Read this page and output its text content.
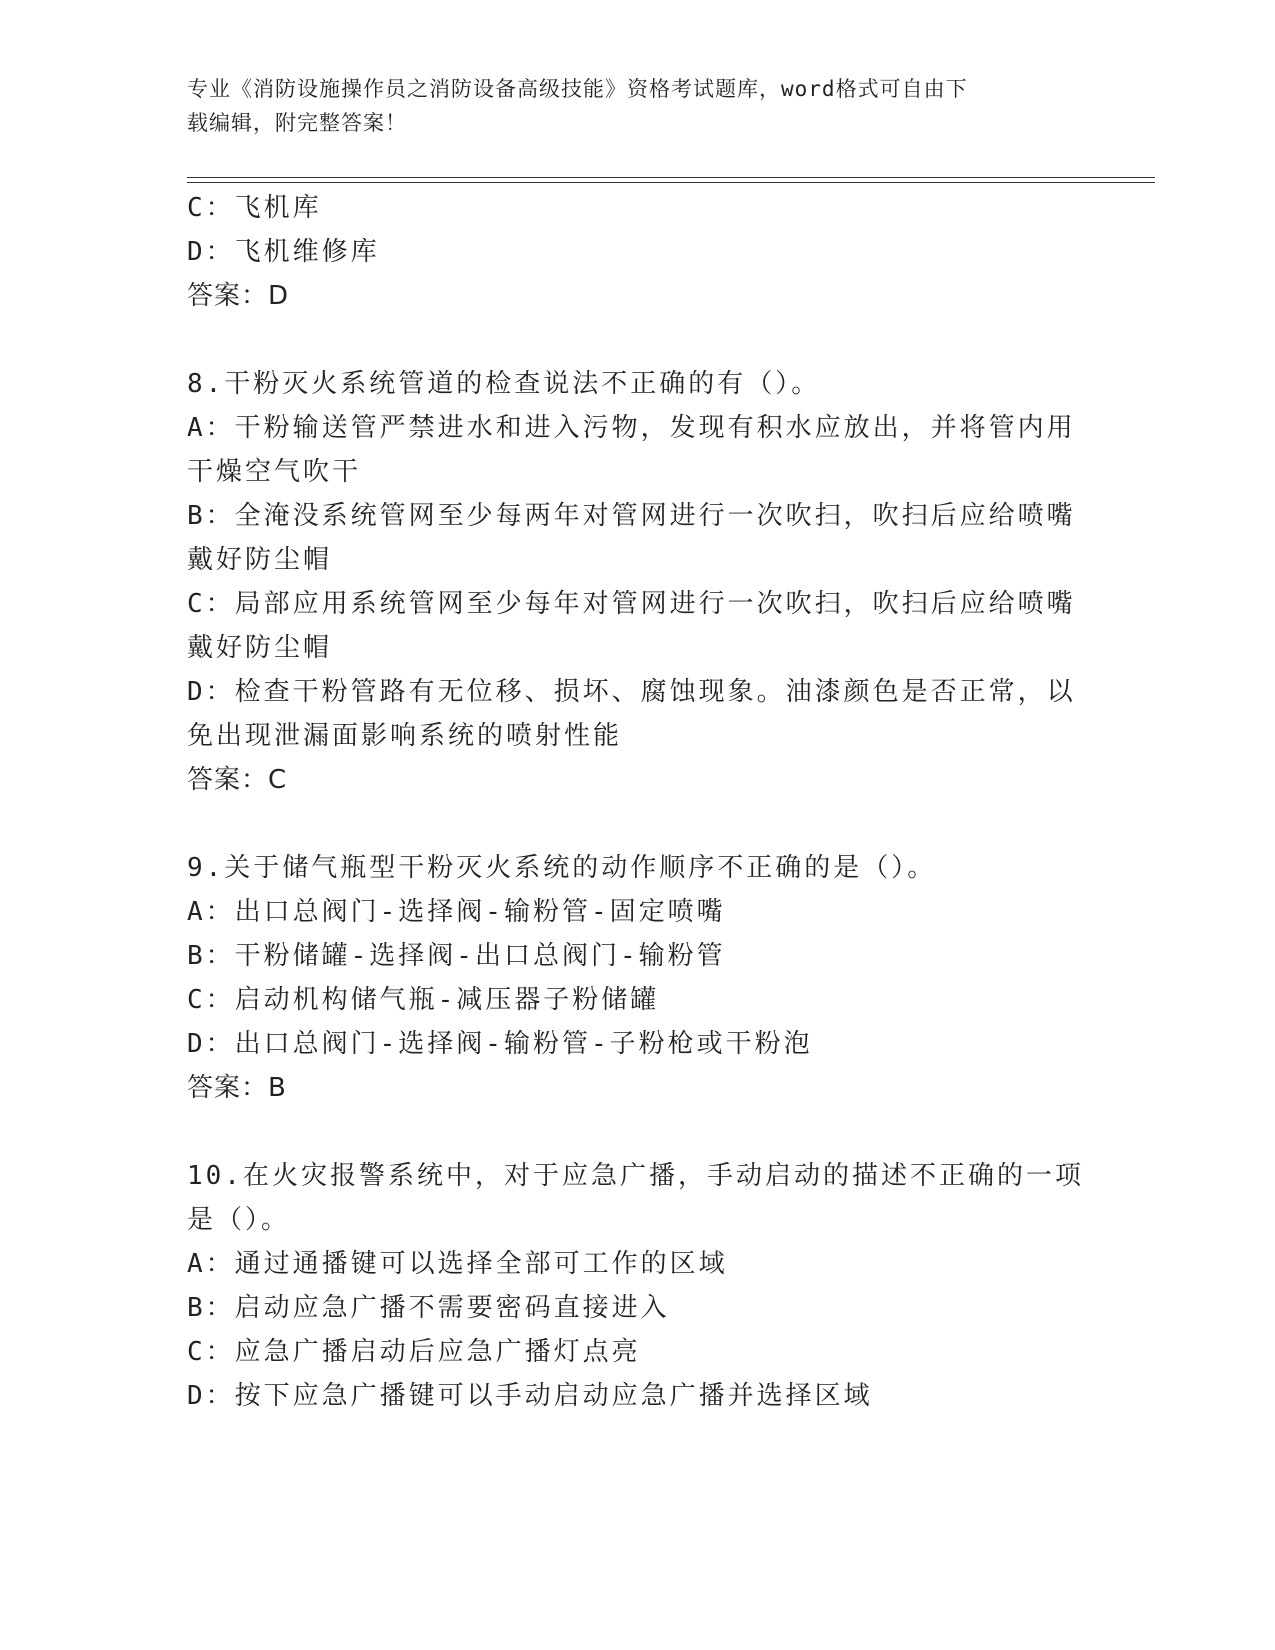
专业《消防设施操作员之消防设备高级技能》资格考试题库，word格式可自由下
载编辑，附完整答案！
C：飞机库
D：飞机维修库
答案：D
8.干粉灭火系统管道的检查说法不正确的有（）。
A：干粉输送管严禁进水和进入污物，发现有积水应放出，并将管内用
干燥空气吹干
B：全淹没系统管网至少每两年对管网进行一次吹扫，吹扫后应给喷嘴
戴好防尘帽
C：局部应用系统管网至少每年对管网进行一次吹扫，吹扫后应给喷嘴
戴好防尘帽
D：检查干粉管路有无位移、损坏、腐蚀现象。油漆颜色是否正常，以
免出现泄漏面影响系统的喷射性能
答案：C
9.关于储气瓶型干粉灭火系统的动作顺序不正确的是（）。
A：出口总阀门-选择阀-输粉管-固定喷嘴
B：干粉储罐-选择阀-出口总阀门-输粉管
C：启动机构储气瓶-减压器子粉储罐
D：出口总阀门-选择阀-输粉管-子粉枪或干粉泡
答案：B
10.在火灾报警系统中，对于应急广播，手动启动的描述不正确的一项
是（）。
A：通过通播键可以选择全部可工作的区域
B：启动应急广播不需要密码直接进入
C：应急广播启动后应急广播灯点亮
D：按下应急广播键可以手动启动应急广播并选择区域
